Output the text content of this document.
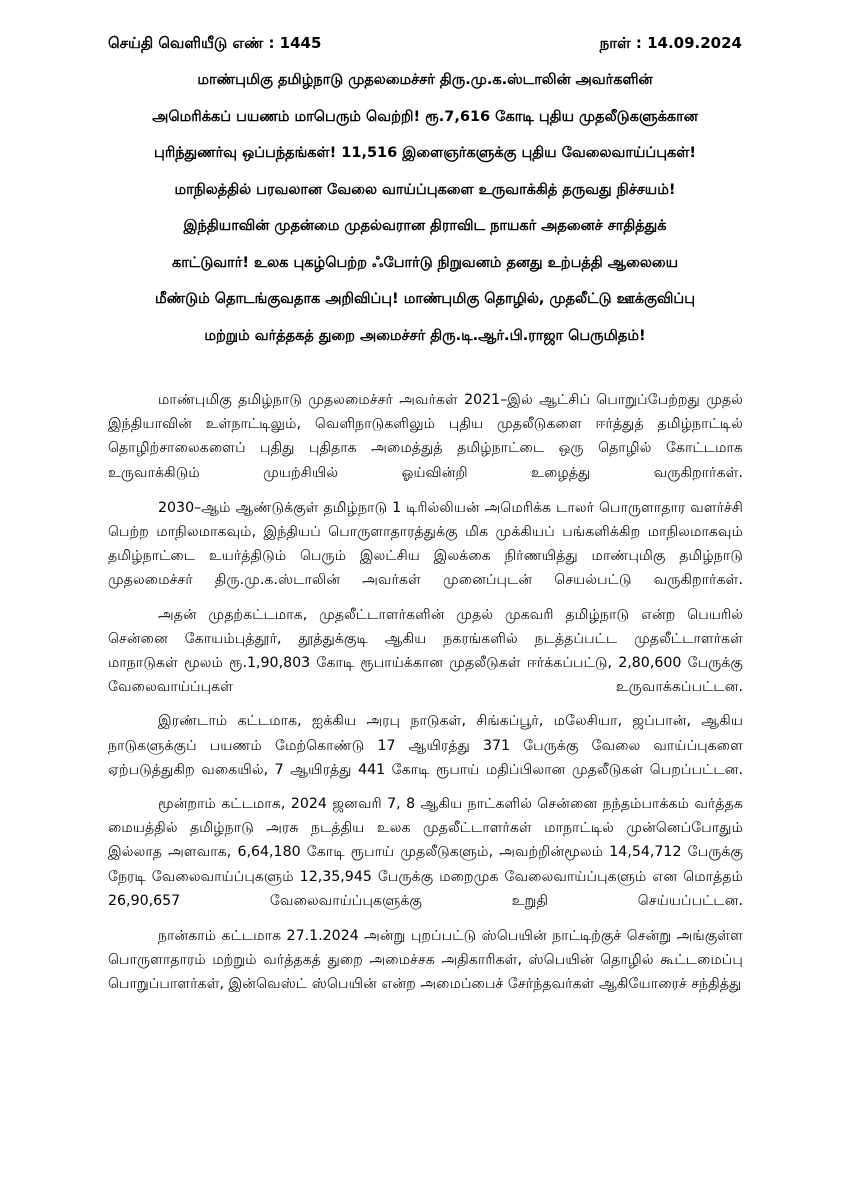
செய்தி வெளியீடு எண் : 1445	நாள் : 14.09.2024
மாண்புமிகு தமிழ்நாடு முதலமைச்சர் திரு.மு.க.ஸ்டாலின் அவர்களின்
அமெரிக்கப் பயணம் மாபெரும் வெற்றி! ரூ.7,616 கோடி புதிய முதலீடுகளுக்கான
புரிந்துணர்வு ஒப்பந்தங்கள்! 11,516 இளைஞர்களுக்கு புதிய வேலைவாய்ப்புகள்!
மாநிலத்தில் பரவலான வேலை வாய்ப்புகளை உருவாக்கித் தருவது நிச்சயம்!
இந்தியாவின் முதன்மை முதல்வரான திராவிட நாயகர் அதனைச் சாதித்துக்
காட்டுவார்! உலக புகழ்பெற்ற ஃபோர்டு நிறுவனம் தனது உற்பத்தி ஆலையை
மீண்டும் தொடங்குவதாக அறிவிப்பு! மாண்புமிகு தொழில், முதலீட்டு ஊக்குவிப்பு
மற்றும் வர்த்தகத் துறை அமைச்சர் திரு.டி.ஆர்.பி.ராஜா பெருமிதம்!

மாண்புமிகு தமிழ்நாடு முதலமைச்சர் அவர்கள் 2021–இல் ஆட்சிப் பொறுப்பேற்றது முதல் இந்தியாவின் உள்நாட்டிலும், வெளிநாடுகளிலும் புதிய முதலீடுகளை ஈர்த்துத் தமிழ்நாட்டில் தொழிற்சாலைகளைப் புதிது புதிதாக அமைத்துத் தமிழ்நாட்டை ஒரு தொழில் கோட்டமாக உருவாக்கிடும் முயற்சியில் ஓய்வின்றி உழைத்து வருகிறார்கள்.

2030–ஆம் ஆண்டுக்குள் தமிழ்நாடு 1 டிரில்லியன் அமெரிக்க டாலர் பொருளாதார வளர்ச்சி பெற்ற மாநிலமாகவும், இந்தியப் பொருளாதாரத்துக்கு மிக முக்கியப் பங்களிக்கிற மாநிலமாகவும் தமிழ்நாட்டை உயர்த்திடும் பெரும் இலட்சிய இலக்கை நிர்ணயித்து மாண்புமிகு தமிழ்நாடு முதலமைச்சர் திரு.மு.க.ஸ்டாலின் அவர்கள் முனைப்புடன் செயல்பட்டு வருகிறார்கள்.

அதன் முதற்கட்டமாக, முதலீட்டாளர்களின் முதல் முகவரி தமிழ்நாடு என்ற பெயரில் சென்னை கோயம்புத்தூர், தூத்துக்குடி ஆகிய நகரங்களில் நடத்தப்பட்ட முதலீட்டாளர்கள் மாநாடுகள் மூலம் ரூ.1,90,803 கோடி ரூபாய்க்கான முதலீடுகள் ஈர்க்கப்பட்டு, 2,80,600 பேருக்கு வேலைவாய்ப்புகள் உருவாக்கப்பட்டன.

இரண்டாம் கட்டமாக, ஐக்கிய அரபு நாடுகள், சிங்கப்பூர், மலேசியா, ஜப்பான், ஆகிய நாடுகளுக்குப் பயணம் மேற்கொண்டு 17 ஆயிரத்து 371 பேருக்கு வேலை வாய்ப்புகளை ஏற்படுத்துகிற வகையில், 7 ஆயிரத்து 441 கோடி ரூபாய் மதிப்பிலான முதலீடுகள் பெறப்பட்டன.

மூன்றாம் கட்டமாக, 2024 ஜனவரி 7, 8 ஆகிய நாட்களில் சென்னை நந்தம்பாக்கம் வர்த்தக மையத்தில் தமிழ்நாடு அரசு நடத்திய உலக முதலீட்டாளர்கள் மாநாட்டில் முன்னெப்போதும் இல்லாத அளவாக, 6,64,180 கோடி ரூபாய் முதலீடுகளும், அவற்றின்மூலம் 14,54,712 பேருக்கு நேரடி வேலைவாய்ப்புகளும் 12,35,945 பேருக்கு மறைமுக வேலைவாய்ப்புகளும் என மொத்தம் 26,90,657 வேலைவாய்ப்புகளுக்கு உறுதி செய்யப்பட்டன.

நான்காம் கட்டமாக 27.1.2024 அன்று புறப்பட்டு ஸ்பெயின் நாட்டிற்குச் சென்று அங்குள்ள பொருளாதாரம் மற்றும் வர்த்தகத் துறை அமைச்சக அதிகாரிகள், ஸ்பெயின் தொழில் கூட்டமைப்பு பொறுப்பாளர்கள், இன்வெஸ்ட் ஸ்பெயின் என்ற அமைப்பைச் சேர்ந்தவர்கள் ஆகியோரைச் சந்தித்து
